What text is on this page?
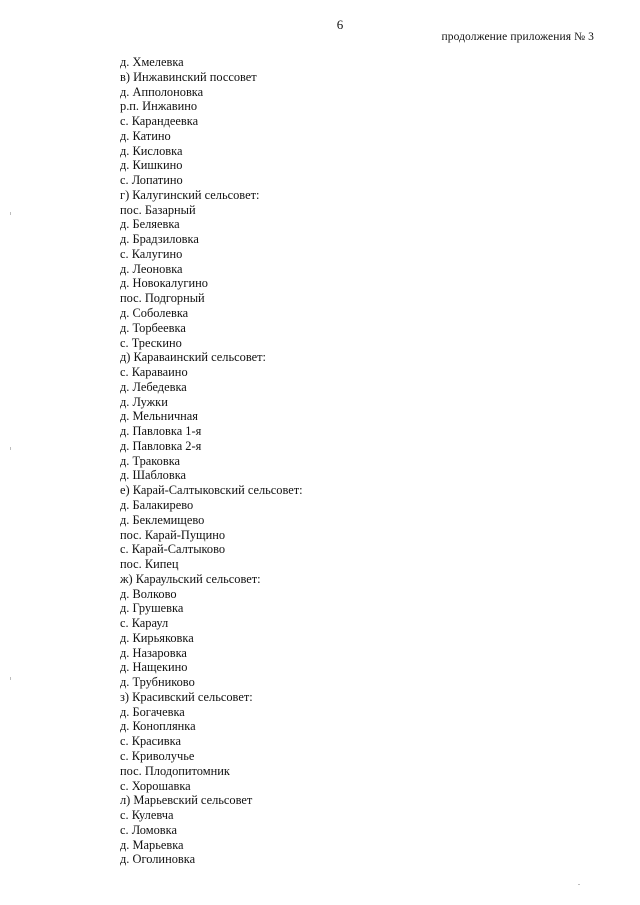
6
продолжение приложения № 3
д. Хмелевка
в) Инжавинский поссовет
д. Апполоновка
р.п. Инжавино
с. Карандеевка
д. Катино
д. Кисловка
д. Кишкино
с. Лопатино
г) Калугинский сельсовет:
пос. Базарный
д. Беляевка
д. Брадзиловка
с. Калугино
д. Леоновка
д. Новокалугино
пос. Подгорный
д. Соболевка
д. Торбеевка
с. Трескино
д) Караваинский сельсовет:
с. Караваино
д. Лебедевка
д. Лужки
д. Мельничная
д. Павловка 1-я
д. Павловка 2-я
д. Траковка
д. Шабловка
е) Карай-Салтыковский сельсовет:
д. Балакирево
д. Беклемищево
пос. Карай-Пущино
с. Карай-Салтыково
пос. Кипец
ж) Караульский сельсовет:
д. Волково
д. Грушевка
с. Караул
д. Кирьяковка
д. Назаровка
д. Нащекино
д. Трубниково
з) Красивский сельсовет:
д. Богачевка
д. Коноплянка
с. Красивка
с. Криволучье
пос. Плодопитомник
с. Хорошавка
л) Марьевский сельсовет
с. Кулевча
с. Ломовка
д. Марьевка
д. Оголиновка
